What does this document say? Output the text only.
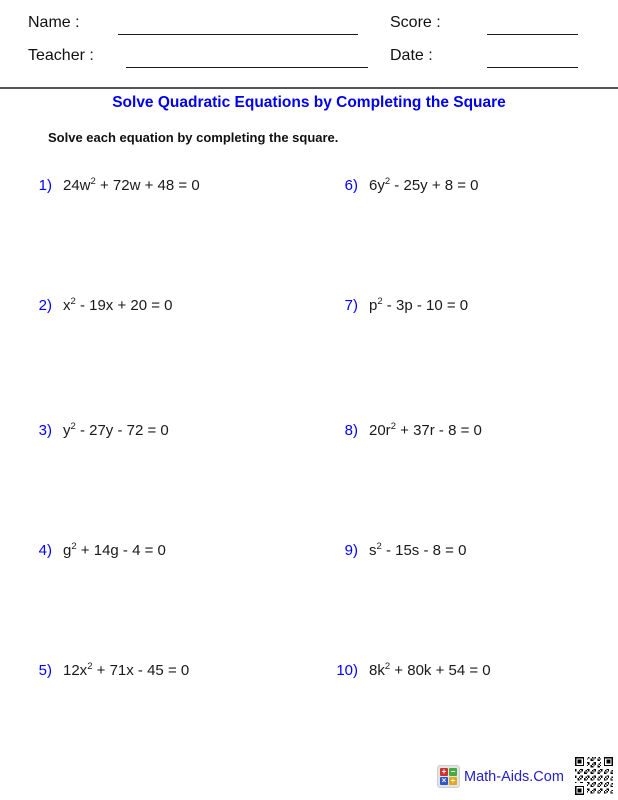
Name :	Score :
Teacher :	Date :
Solve Quadratic Equations by Completing the Square
Solve each equation by completing the square.
1) $24w^2 + 72w + 48 = 0$
2) $x^2 - 19x + 20 = 0$
3) $y^2 - 27y - 72 = 0$
4) $g^2 + 14g - 4 = 0$
5) $12x^2 + 71x - 45 = 0$
6) $6y^2 - 25y + 8 = 0$
7) $p^2 - 3p - 10 = 0$
8) $20r^2 + 37r - 8 = 0$
9) $s^2 - 15s - 8 = 0$
10) $8k^2 + 80k + 54 = 0$
+ −
× ÷ Math-Aids.Com
